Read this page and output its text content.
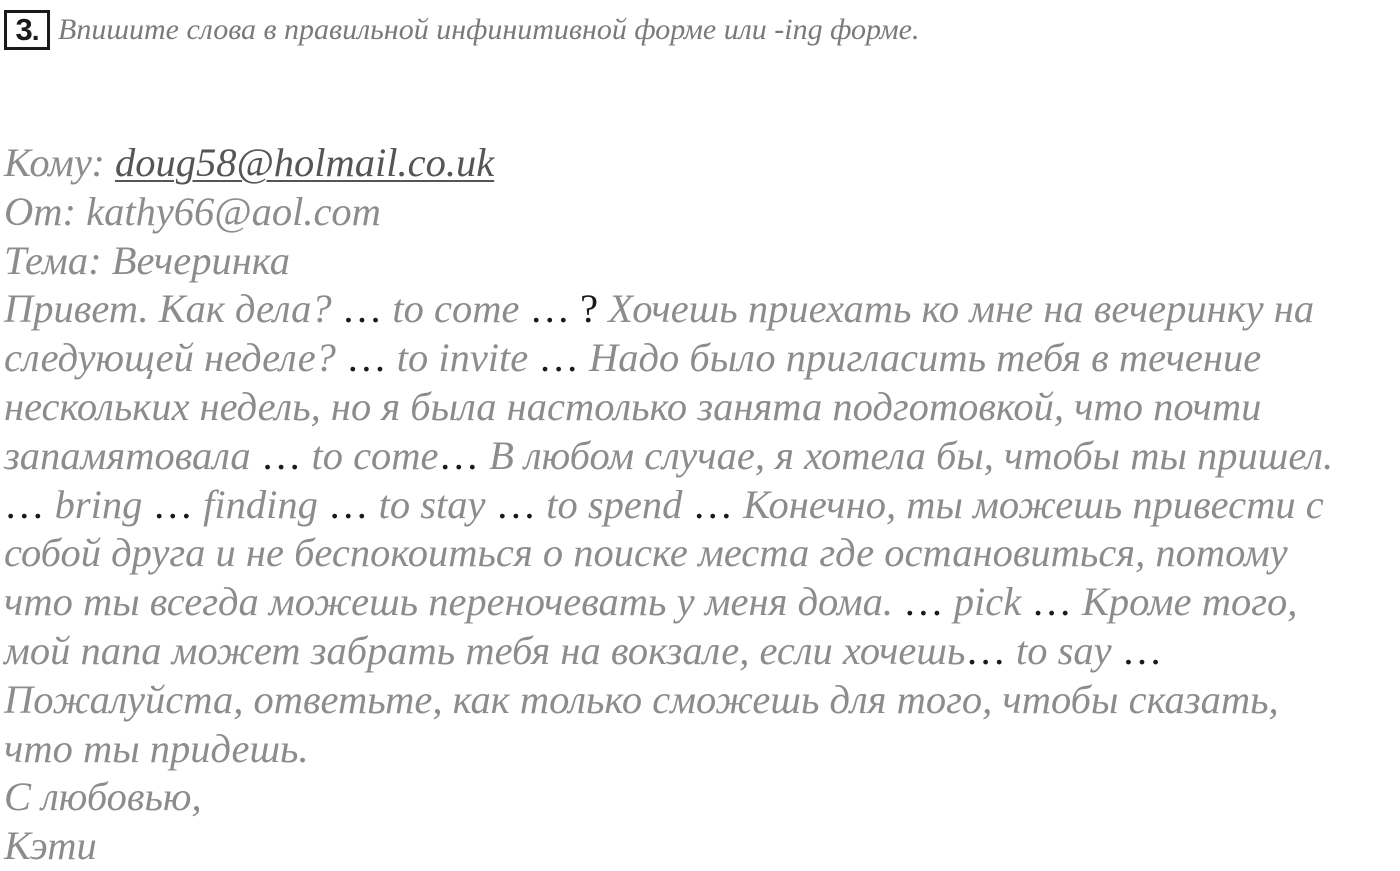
3. Впишите слова в правильной инфинитивной форме или -ing форме.
Кому: doug58@holmail.co.uk
От: kathy66@aol.com
Тема: Вечеринка
Привет. Как дела? … to come … ? Хочешь приехать ко мне на вечеринку на
следующей неделе? … to invite … Надо было пригласить тебя в течение
нескольких недель, но я была настолько занята подготовкой, что почти
запамятовала … to come… В любом случае, я хотела бы, чтобы ты пришел.
… bring … finding … to stay … to spend … Конечно, ты можешь привести с
собой друга и не беспокоиться о поиске места где остановиться, потому
что ты всегда можешь переночевать у меня дома. … pick … Кроме того,
мой папа может забрать тебя на вокзале, если хочешь… to say …
Пожалуйста, ответьте, как только сможешь для того, чтобы сказать,
что ты придешь.
С любовью,
Кэти
